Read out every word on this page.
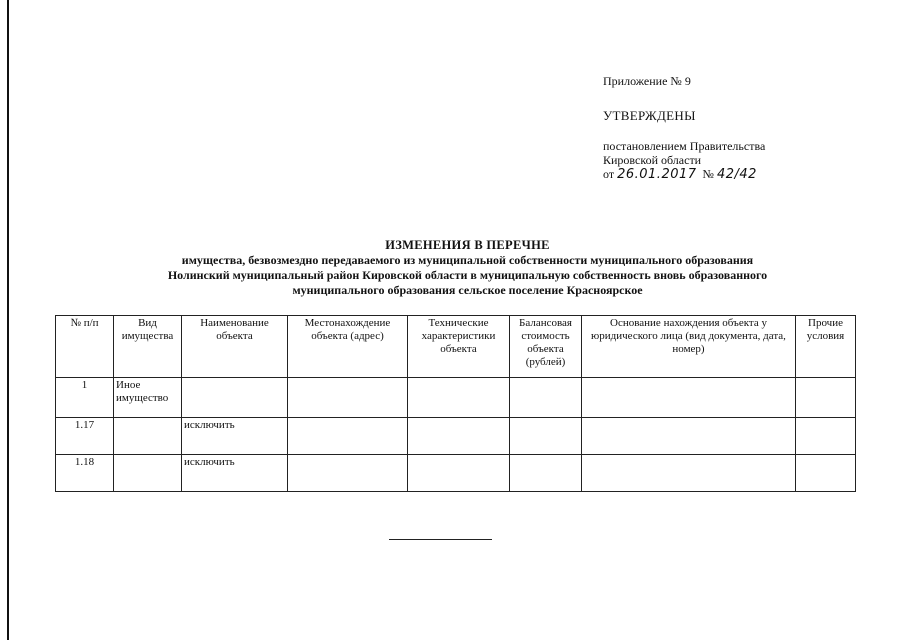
Приложение № 9
УТВЕРЖДЕНЫ
постановлением Правительства
Кировской области
от 26.01.2017 № 42/42
ИЗМЕНЕНИЯ В ПЕРЕЧНЕ
имущества, безвозмездно передаваемого из муниципальной собственности муниципального образования
Нолинский муниципальный район Кировской области в муниципальную собственность вновь образованного
муниципального образования сельское поселение Красноярское
№ п/п	Вид имущества	Наименование объекта	Местонахождение объекта (адрес)	Технические характеристики объекта	Балансовая стоимость объекта (рублей)	Основание нахождения объекта у юридического лица (вид документа, дата, номер)	Прочие условия
1	Иное имущество						
1.17		исключить					
1.18		исключить					
